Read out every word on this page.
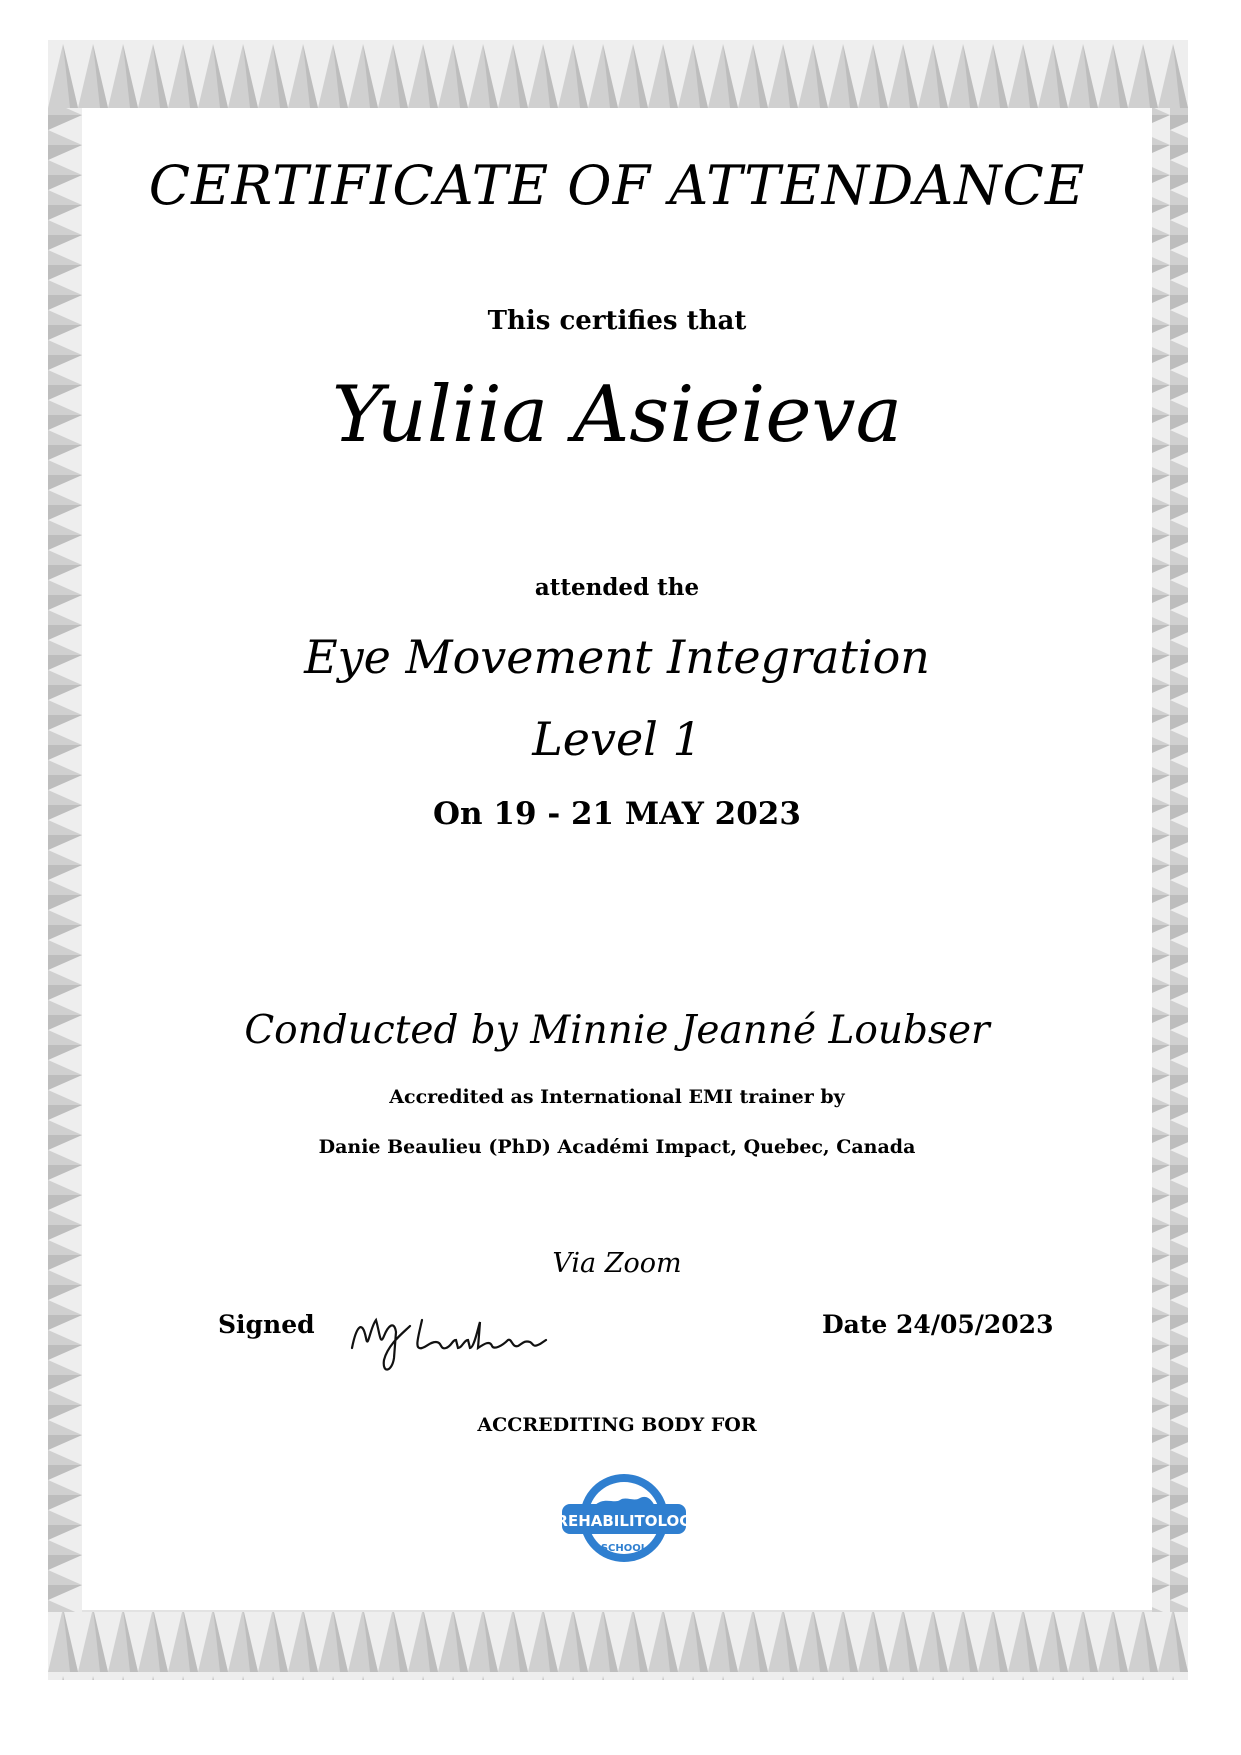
CERTIFICATE OF ATTENDANCE
This certifies that
Yuliia Asieieva
attended the
Eye Movement Integration
Level 1
On 19 - 21 MAY 2023
Conducted by Minnie Jeanné Loubser
Accredited as International EMI trainer by
Danie Beaulieu (PhD) Académi Impact, Quebec, Canada
Via Zoom
Signed	Date 24/05/2023
ACCREDITING BODY FOR
REHABILITOLOG
SCHOOL
